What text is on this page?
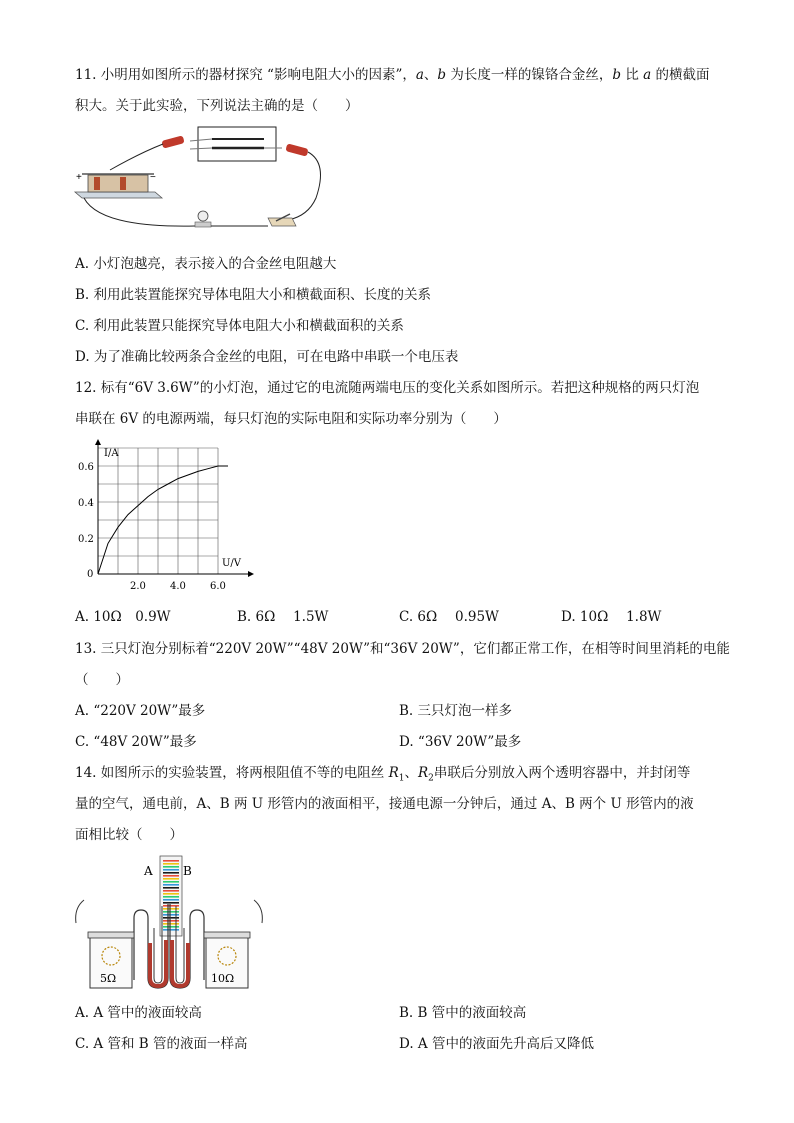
11. 小明用如图所示的器材探究 “影响电阻大小的因素”，a、b 为长度一样的镍铬合金丝，b 比 a 的横截面
积大。关于此实验，下列说法主确的是（　　）
+	−
A. 小灯泡越亮，表示接入的合金丝电阻越大
B. 利用此装置能探究导体电阻大小和横截面积、长度的关系
C. 利用此装置只能探究导体电阻大小和横截面积的关系
D. 为了准确比较两条合金丝的电阻，可在电路中串联一个电压表
12. 标有“6V 3.6W”的小灯泡，通过它的电流随两端电压的变化关系如图所示。若把这种规格的两只灯泡
串联在 6V 的电源两端，每只灯泡的实际电阻和实际功率分别为（　　）
I/A
U/V
0
2.0 4.0 6.0
0.2
0.4
0.6
A. 10Ω　0.9W	B. 6Ω　 1.5W	C. 6Ω　 0.95W	D. 10Ω　 1.8W
13. 三只灯泡分别标着“220V 20W”“48V 20W”和“36V 20W”，它们都正常工作，在相等时间里消耗的电能
（　　）
A. “220V 20W”最多	B. 三只灯泡一样多
C. “48V 20W”最多	D. “36V 20W”最多
14. 如图所示的实验装置，将两根阻值不等的电阻丝 $R_1$、$R_2$串联后分别放入两个透明容器中，并封闭等
量的空气，通电前，A、B 两 U 形管内的液面相平，接通电源一分钟后，通过 A、B 两个 U 形管内的液
面相比较（　　）
A	B
5Ω	10Ω
A. A 管中的液面较高	B. B 管中的液面较高
C. A 管和 B 管的液面一样高	D. A 管中的液面先升高后又降低
